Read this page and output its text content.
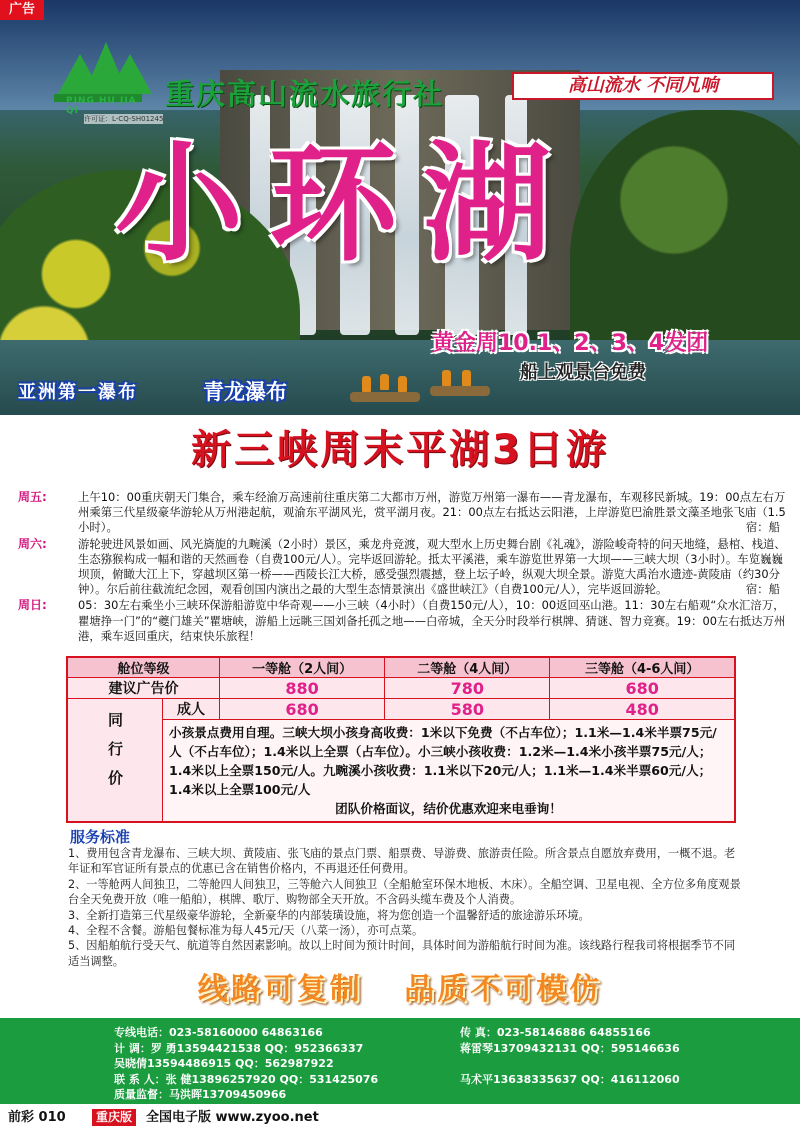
广告
PING HU JIA QI
许可证：L-CQ-SH01245
重庆高山流水旅行社	高山流水 不同凡响
小环湖
黄金周10.1、2、3、4发团
船上观景台免费
亚洲第一瀑布	青龙瀑布
新三峡周末平湖3日游
周五:	上午10：00重庆朝天门集合，乘车经渝万高速前往重庆第二大都市万州，游览万州第一瀑布——青龙瀑布，车观移民新城。19：00点左右万州乘第三代星级豪华游轮从万州港起航，观渝东平湖风光，赏平湖月夜。21：00点左右抵达云阳港，上岸游览巴渝胜景文藻圣地张飞庙（1.5小时）。	宿：船
周六:	游轮驶进风景如画、风光旖旎的九畹溪（2小时）景区，乘龙舟竞渡，观大型水上历史舞台剧《礼魂》，游险峻奇特的问天地缝，悬棺、栈道、生态猕猴构成一幅和谐的天然画卷（自费100元/人）。完毕返回游轮。抵太平溪港，乘车游览世界第一大坝——三峡大坝（3小时）。车览巍巍坝顶，俯瞰大江上下，穿越坝区第一桥——西陵长江大桥，感受强烈震撼，登上坛子岭，纵观大坝全景。游览大禹治水遗迹-黄陵庙（约30分钟）。尔后前往截流纪念园，观看创国内演出之最的大型生态情景演出《盛世峡江》（自费100元/人），完毕返回游轮。	宿：船
周日:	05：30左右乘坐小三峡环保游船游览中华奇观——小三峡（4小时）（自费150元/人），10：00返回巫山港。11：30左右船观“众水汇涪万，瞿塘挣一门”的“夔门雄关”瞿塘峡，游船上远眺三国刘备托孤之地——白帝城，全天分时段举行棋牌、猜谜、智力竞赛。19：00左右抵达万州港，乘车返回重庆，结束快乐旅程！
舱位等级		一等舱（2人间）	二等舱（4人间）	三等舱（4-6人间）
建议广告价		880	780	680
同行价	成人	680	580	480
	小孩景点费用自理。三峡大坝小孩身高收费：1米以下免费（不占车位）；1.1米—1.4米半票75元/人（不占车位）；1.4米以上全票（占车位）。小三峡小孩收费：1.2米—1.4米小孩半票75元/人；1.4米以上全票150元/人。九畹溪小孩收费：1.1米以下20元/人；1.1米—1.4米半票60元/人；1.4米以上全票100元/人
团队价格面议，结价优惠欢迎来电垂询！			
服务标准
1、费用包含青龙瀑布、三峡大坝、黄陵庙、张飞庙的景点门票、船票费、导游费、旅游责任险。所含景点自愿放弃费用，一概不退。老年证和军官证所有景点的优惠已含在销售价格内，不再退还任何费用。
2、一等舱两人间独卫，二等舱四人间独卫，三等舱六人间独卫（全船舱室环保木地板、木床）。全船空调、卫星电视、全方位多角度观景台全天免费开放（唯一船舶），棋牌、歌厅、购物部全天开放。不含码头缆车费及个人消费。
3、全新打造第三代星级豪华游轮，全新豪华的内部装璜设施，将为您创造一个温馨舒适的旅途游乐环境。
4、全程不含餐。游船包餐标准为每人45元/天（八菜一汤），亦可点菜。
5、因船舶航行受天气、航道等自然因素影响。故以上时间为预计时间，具体时间为游船航行时间为准。该线路行程我司将根据季节不同适当调整。
线路可复制 品质不可模仿
专线电话：023-58160000 64863166
计 调：罗 勇13594421538 QQ：952366337
吴晓倩13594486915 QQ：562987922
联 系 人：张 健13896257920 QQ：531425076
质量监督：马洪晖13709450966
传 真：023-58146886 64855166
蒋雷琴13709432131 QQ：595146636
马术平13638335637 QQ：416112060
前彩 010	重庆版	全国电子版 www.zyoo.net
